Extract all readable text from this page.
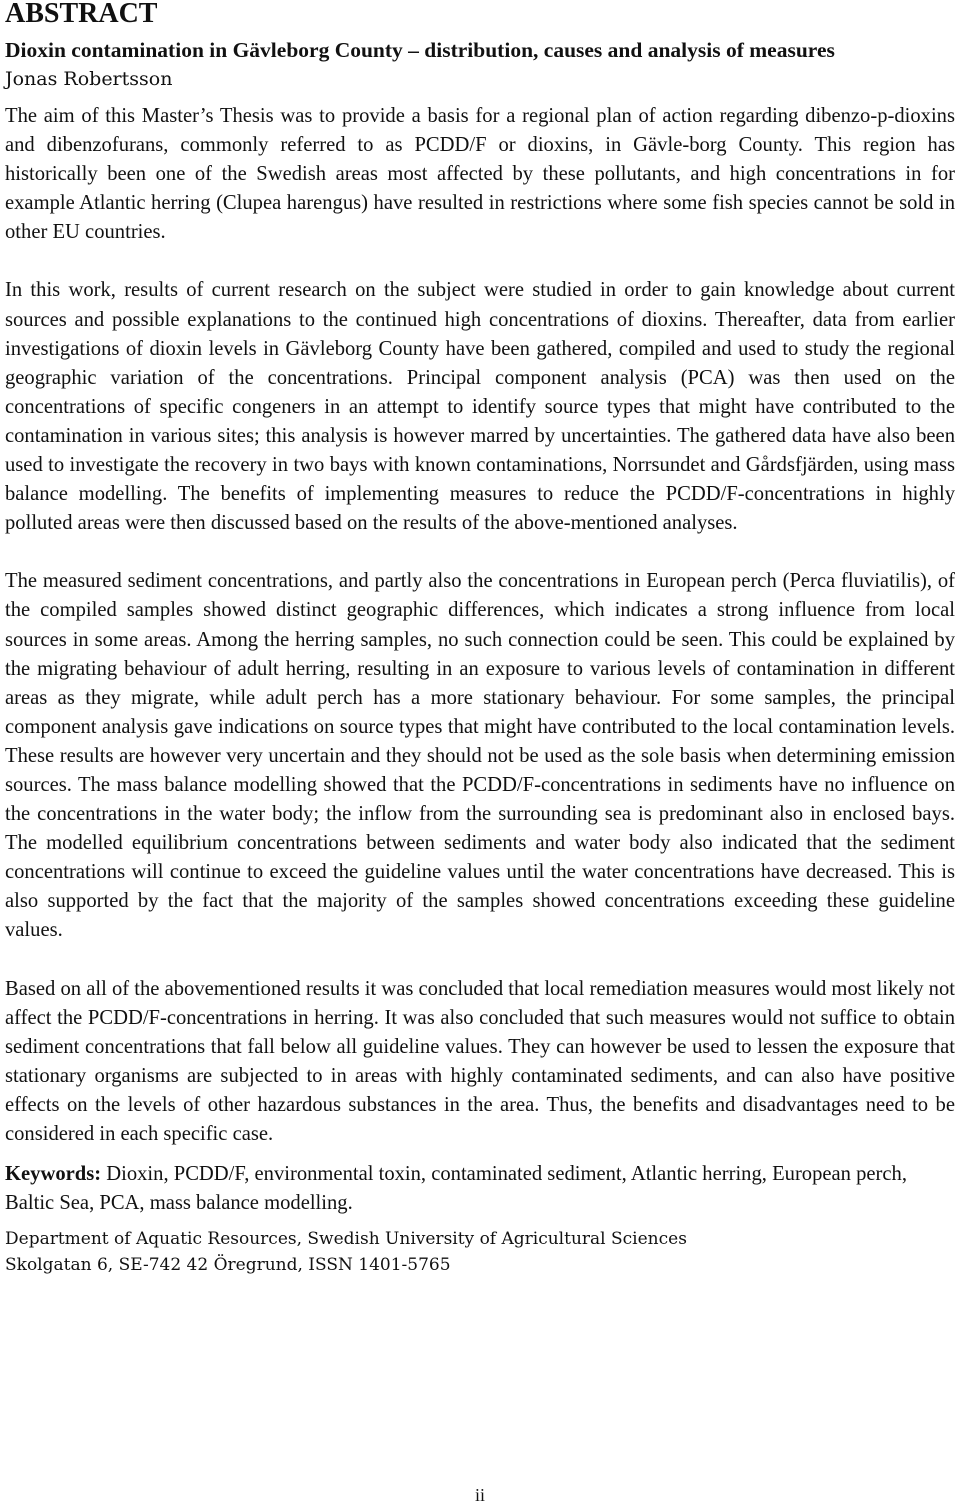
ABSTRACT
Dioxin contamination in Gävleborg County – distribution, causes and analysis of measures

Jonas Robertsson

The aim of this Master’s Thesis was to provide a basis for a regional plan of action regarding dibenzo-p-dioxins and dibenzofurans, commonly referred to as PCDD/F or dioxins, in Gävle-borg County. This region has historically been one of the Swedish areas most affected by these pollutants, and high concentrations in for example Atlantic herring (Clupea harengus) have resulted in restrictions where some fish species cannot be sold in other EU countries.

In this work, results of current research on the subject were studied in order to gain knowledge about current sources and possible explanations to the continued high concentrations of dioxins. Thereafter, data from earlier investigations of dioxin levels in Gävleborg County have been gathered, compiled and used to study the regional geographic variation of the concentrations. Principal component analysis (PCA) was then used on the concentrations of specific congeners in an attempt to identify source types that might have contributed to the contamination in various sites; this analysis is however marred by uncertainties. The gathered data have also been used to investigate the recovery in two bays with known contaminations, Norrsundet and Gårdsfjärden, using mass balance modelling. The benefits of implementing measures to reduce the PCDD/F-concentrations in highly polluted areas were then discussed based on the results of the above-mentioned analyses.

The measured sediment concentrations, and partly also the concentrations in European perch (Perca fluviatilis), of the compiled samples showed distinct geographic differences, which indicates a strong influence from local sources in some areas. Among the herring samples, no such connection could be seen. This could be explained by the migrating behaviour of adult herring, resulting in an exposure to various levels of contamination in different areas as they migrate, while adult perch has a more stationary behaviour. For some samples, the principal component analysis gave indications on source types that might have contributed to the local contamination levels. These results are however very uncertain and they should not be used as the sole basis when determining emission sources. The mass balance modelling showed that the PCDD/F-concentrations in sediments have no influence on the concentrations in the water body; the inflow from the surrounding sea is predominant also in enclosed bays. The modelled equilibrium concentrations between sediments and water body also indicated that the sediment concentrations will continue to exceed the guideline values until the water concentrations have decreased. This is also supported by the fact that the majority of the samples showed concentrations exceeding these guideline values.

Based on all of the abovementioned results it was concluded that local remediation measures would most likely not affect the PCDD/F-concentrations in herring. It was also concluded that such measures would not suffice to obtain sediment concentrations that fall below all guideline values. They can however be used to lessen the exposure that stationary organisms are subjected to in areas with highly contaminated sediments, and can also have positive effects on the levels of other hazardous substances in the area. Thus, the benefits and disadvantages need to be considered in each specific case.

Keywords: Dioxin, PCDD/F, environmental toxin, contaminated sediment, Atlantic herring, European perch, Baltic Sea, PCA, mass balance modelling.

Department of Aquatic Resources, Swedish University of Agricultural Sciences
Skolgatan 6, SE-742 42 Öregrund, ISSN 1401-5765
ii
